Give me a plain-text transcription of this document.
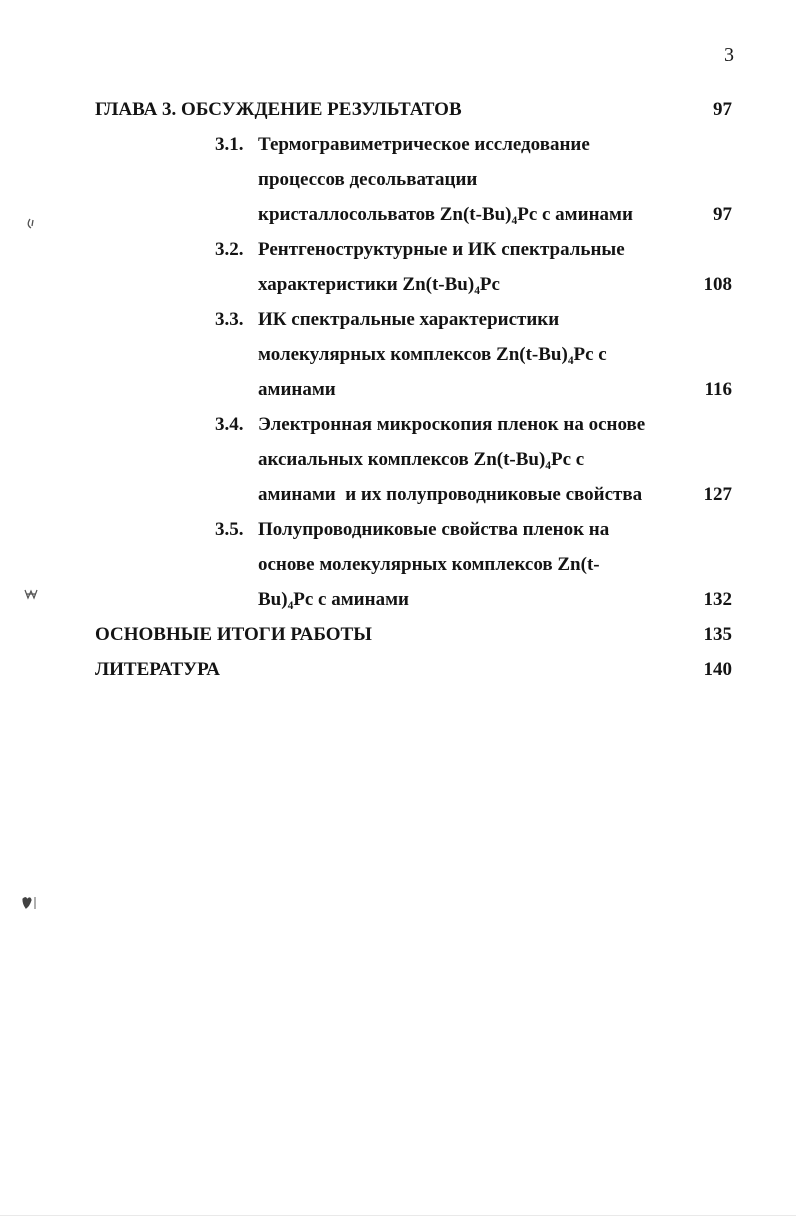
3
ГЛАВА 3. ОБСУЖДЕНИЕ РЕЗУЛЬТАТОВ	97
3.1. Термогравиметрическое исследование
процессов десольватации
кристаллосольватов Zn(t-Bu)₄Pc с аминами	97
3.2. Рентгеноструктурные и ИК спектральные
характеристики Zn(t-Bu)₄Pc	108
3.3. ИК спектральные характеристики
молекулярных комплексов Zn(t-Bu)₄Pc с
аминами	116
3.4. Электронная микроскопия пленок на основе
аксиальных комплексов Zn(t-Bu)₄Pc с
аминами  и их полупроводниковые свойства	127
3.5. Полупроводниковые свойства пленок на
основе молекулярных комплексов Zn(t-
Bu)₄Pc с аминами	132
ОСНОВНЫЕ ИТОГИ РАБОТЫ	135
ЛИТЕРАТУРА	140
